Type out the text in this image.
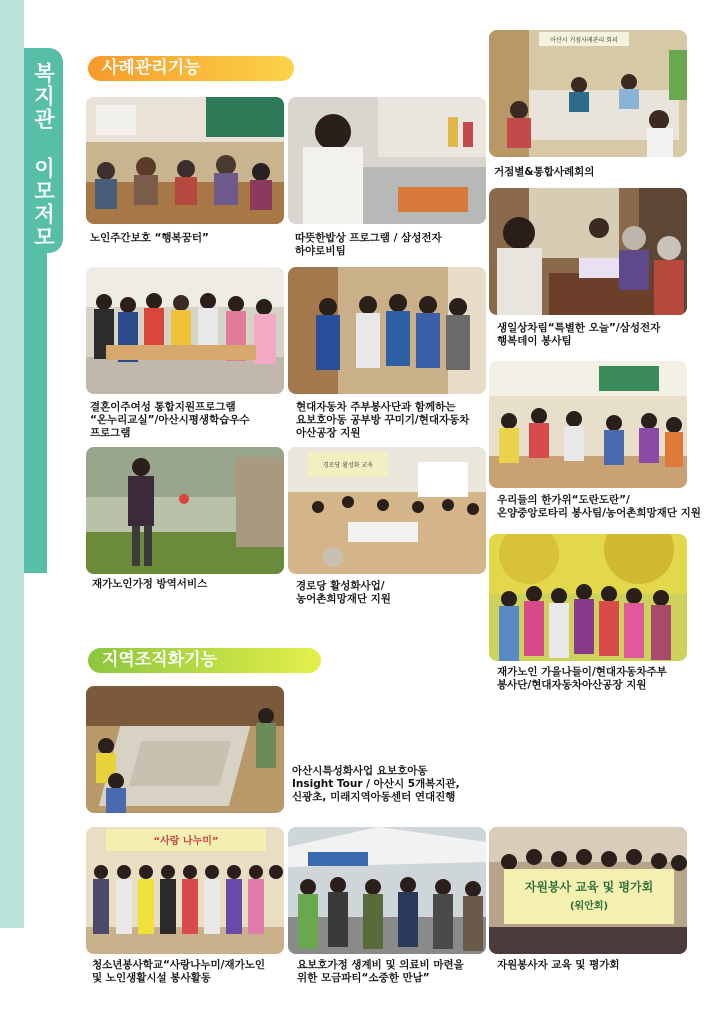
복지관 이모저모	사례관리기능
지역조직화기능
노인주간보호 “행복꿈터”	따뜻한밥상 프로그램 / 삼성전자
하야로비팀
아산시 거점사례관리 회의
거점별&통합사례회의
생일상차림“특별한 오늘”/삼성전자
행복데이 봉사팀
결혼이주여성 통합지원프로그램
“온누리교실”/아산시평생학습우수
프로그램
현대자동차 주부봉사단과 함께하는
요보호아동 공부방 꾸미기/현대자동차
아산공장 지원
우리들의 한가위“도란도란”/
온양중앙로타리 봉사팀/농어촌희망재단 지원
재가노인가정 방역서비스
경로당 활성화 교육
경로당 활성화사업/
농어촌희망재단 지원
재가노인 가을나들이/현대자동차주부
봉사단/현대자동차아산공장 지원
아산시특성화사업 요보호아동
Insight Tour / 아산시 5개복지관,
신광초, 미래지역아동센터 연대진행
“사랑 나누미”
청소년봉사학교“사랑나누미/재가노인
및 노인생활시설 봉사활동
요보호가정 생계비 및 의료비 마련을
위한 모금파티“소중한 만남”
자원봉사 교육 및 평가회
(워안회)
자원봉사자 교육 및 평가회
